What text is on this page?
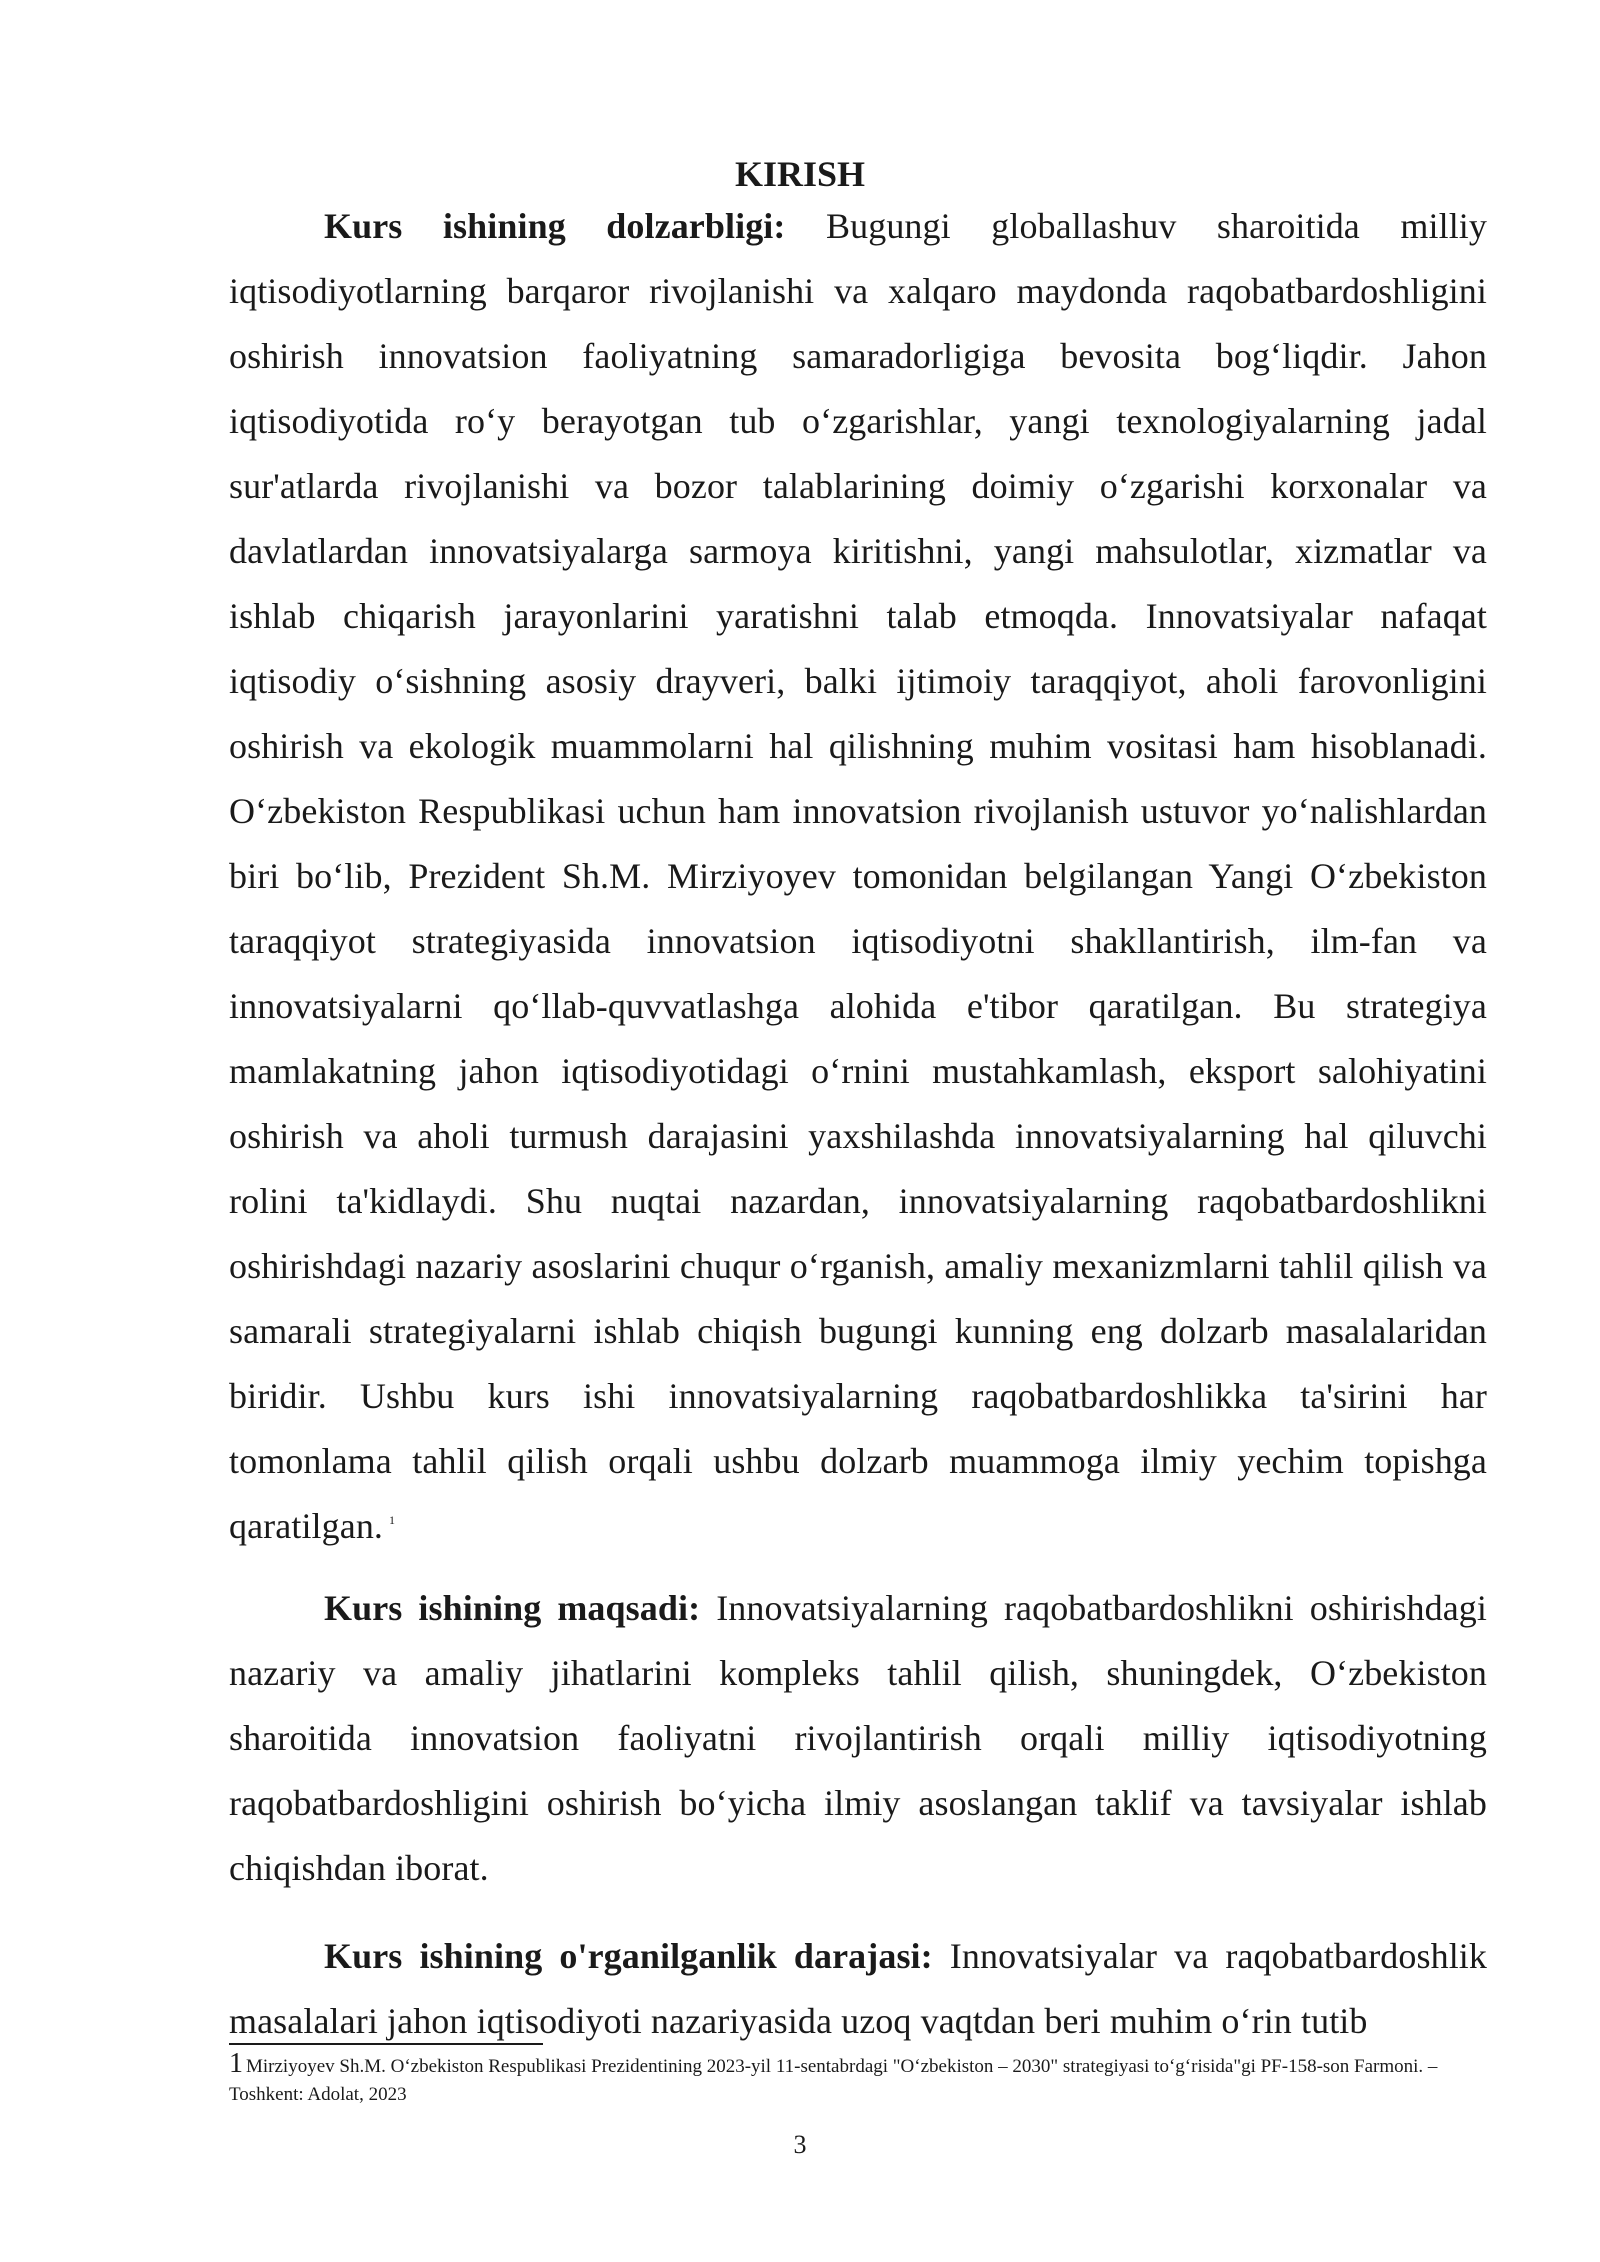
KIRISH

Kurs ishining dolzarbligi: Bugungi globallashuv sharoitida milliy iqtisodiyotlarning barqaror rivojlanishi va xalqaro maydonda raqobatbardoshligini oshirish innovatsion faoliyatning samaradorligiga bevosita bog‘liqdir. Jahon iqtisodiyotida ro‘y berayotgan tub o‘zgarishlar, yangi texnologiyalarning jadal sur'atlarda rivojlanishi va bozor talablarining doimiy o‘zgarishi korxonalar va davlatlardan innovatsiyalarga sarmoya kiritishni, yangi mahsulotlar, xizmatlar va ishlab chiqarish jarayonlarini yaratishni talab etmoqda. Innovatsiyalar nafaqat iqtisodiy o‘sishning asosiy drayveri, balki ijtimoiy taraqqiyot, aholi farovonligini oshirish va ekologik muammolarni hal qilishning muhim vositasi ham hisoblanadi. O‘zbekiston Respublikasi uchun ham innovatsion rivojlanish ustuvor yo‘nalishlardan biri bo‘lib, Prezident Sh.M. Mirziyoyev tomonidan belgilangan Yangi O‘zbekiston taraqqiyot strategiyasida innovatsion iqtisodiyotni shakllantirish, ilm-fan va innovatsiyalarni qo‘llab-quvvatlashga alohida e'tibor qaratilgan. Bu strategiya mamlakatning jahon iqtisodiyotidagi o‘rnini mustahkamlash, eksport salohiyatini oshirish va aholi turmush darajasini yaxshilashda innovatsiyalarning hal qiluvchi rolini ta'kidlaydi. Shu nuqtai nazardan, innovatsiyalarning raqobatbardoshlikni oshirishdagi nazariy asoslarini chuqur o‘rganish, amaliy mexanizmlarni tahlil qilish va samarali strategiyalarni ishlab chiqish bugungi kunning eng dolzarb masalalaridan biridir. Ushbu kurs ishi innovatsiyalarning raqobatbardoshlikka ta'sirini har tomonlama tahlil qilish orqali ushbu dolzarb muammoga ilmiy yechim topishga qaratilgan. $^1$

Kurs ishining maqsadi: Innovatsiyalarning raqobatbardoshlikni oshirishdagi nazariy va amaliy jihatlarini kompleks tahlil qilish, shuningdek, O‘zbekiston sharoitida innovatsion faoliyatni rivojlantirish orqali milliy iqtisodiyotning raqobatbardoshligini oshirish bo‘yicha ilmiy asoslangan taklif va tavsiyalar ishlab chiqishdan iborat.

Kurs ishining o'rganilganlik darajasi: Innovatsiyalar va raqobatbardoshlik masalalari jahon iqtisodiyoti nazariyasida uzoq vaqtdan beri muhim o‘rin tutib

1 Mirziyoyev Sh.M. O‘zbekiston Respublikasi Prezidentining 2023-yil 11-sentabrdagi "O‘zbekiston – 2030" strategiyasi to‘g‘risida"gi PF-158-son Farmoni. – Toshkent: Adolat, 2023

3
